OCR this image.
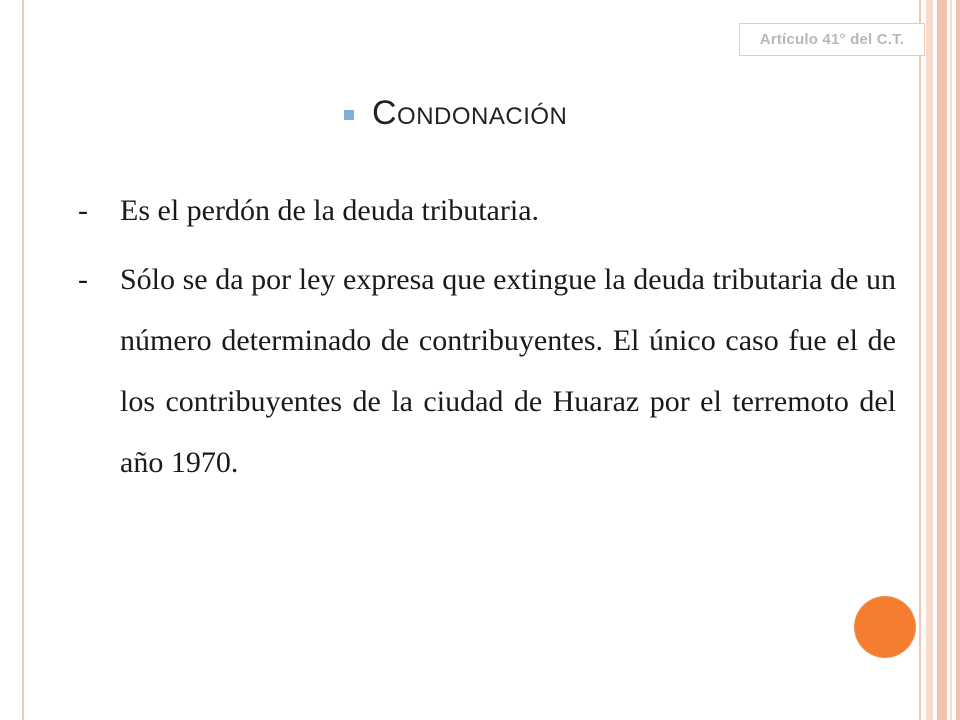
Artículo 41° del C.T.
Condonación
-	Es el perdón de la deuda tributaria.
-	Sólo se da por ley expresa que extingue la deuda tributaria de un número determinado de contribuyentes. El único caso fue el de los contribuyentes de la ciudad de Huaraz por el terremoto del año 1970.
